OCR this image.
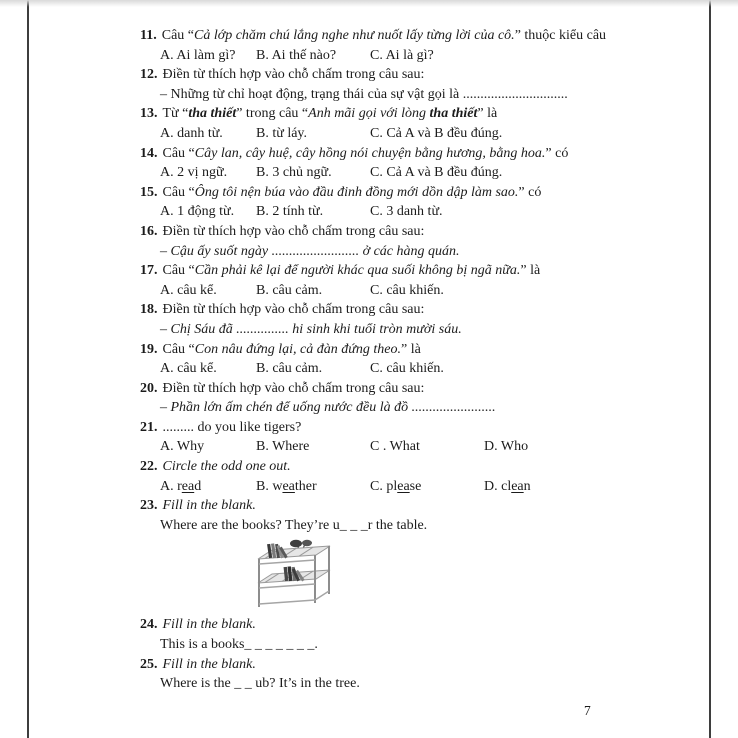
11. Câu “Cả lớp chăm chú lắng nghe như nuốt lấy từng lời của cô.” thuộc kiểu câu
A. Ai làm gì? B. Ai thế nào? C. Ai là gì?
12. Điền từ thích hợp vào chỗ chấm trong câu sau:
– Những từ chỉ hoạt động, trạng thái của sự vật gọi là ..............................
13. Từ “tha thiết” trong câu “Anh mãi gọi với lòng tha thiết” là
A. danh từ. B. từ láy.	C. Cả A và B đều đúng.
14. Câu “Cây lan, cây huệ, cây hồng nói chuyện bằng hương, bằng hoa.” có
A. 2 vị ngữ. B. 3 chủ ngữ.	C. Cả A và B đều đúng.
15. Câu “Ông tôi nện búa vào đầu đinh đồng mới dồn dập làm sao.” có
A. 1 động từ. B. 2 tính từ.	C. 3 danh từ.
16. Điền từ thích hợp vào chỗ chấm trong câu sau:
– Cậu ấy suốt ngày ......................... ở các hàng quán.
17. Câu “Cần phải kê lại để người khác qua suối không bị ngã nữa.” là
A. câu kể.	B. câu cảm.	C. câu khiến.
18. Điền từ thích hợp vào chỗ chấm trong câu sau:
– Chị Sáu đã ............... hi sinh khi tuổi tròn mười sáu.
19. Câu “Con nâu đứng lại, cả đàn đứng theo.” là
A. câu kể.	B. câu cảm.	C. câu khiến.
20. Điền từ thích hợp vào chỗ chấm trong câu sau:
– Phần lớn ấm chén để uống nước đều là đồ ........................
21. ......... do you like tigers?
A. Why	B. Where	C . What	D. Who
22. Circle the odd one out.
A. read	B. weather	C. please	D. clean
23. Fill in the blank.
Where are the books? They’re u_ _ _r the table.
24. Fill in the blank.
This is a books_ _ _ _ _ _ _.
25. Fill in the blank.
Where is the _ _ ub? It’s in the tree.
7
